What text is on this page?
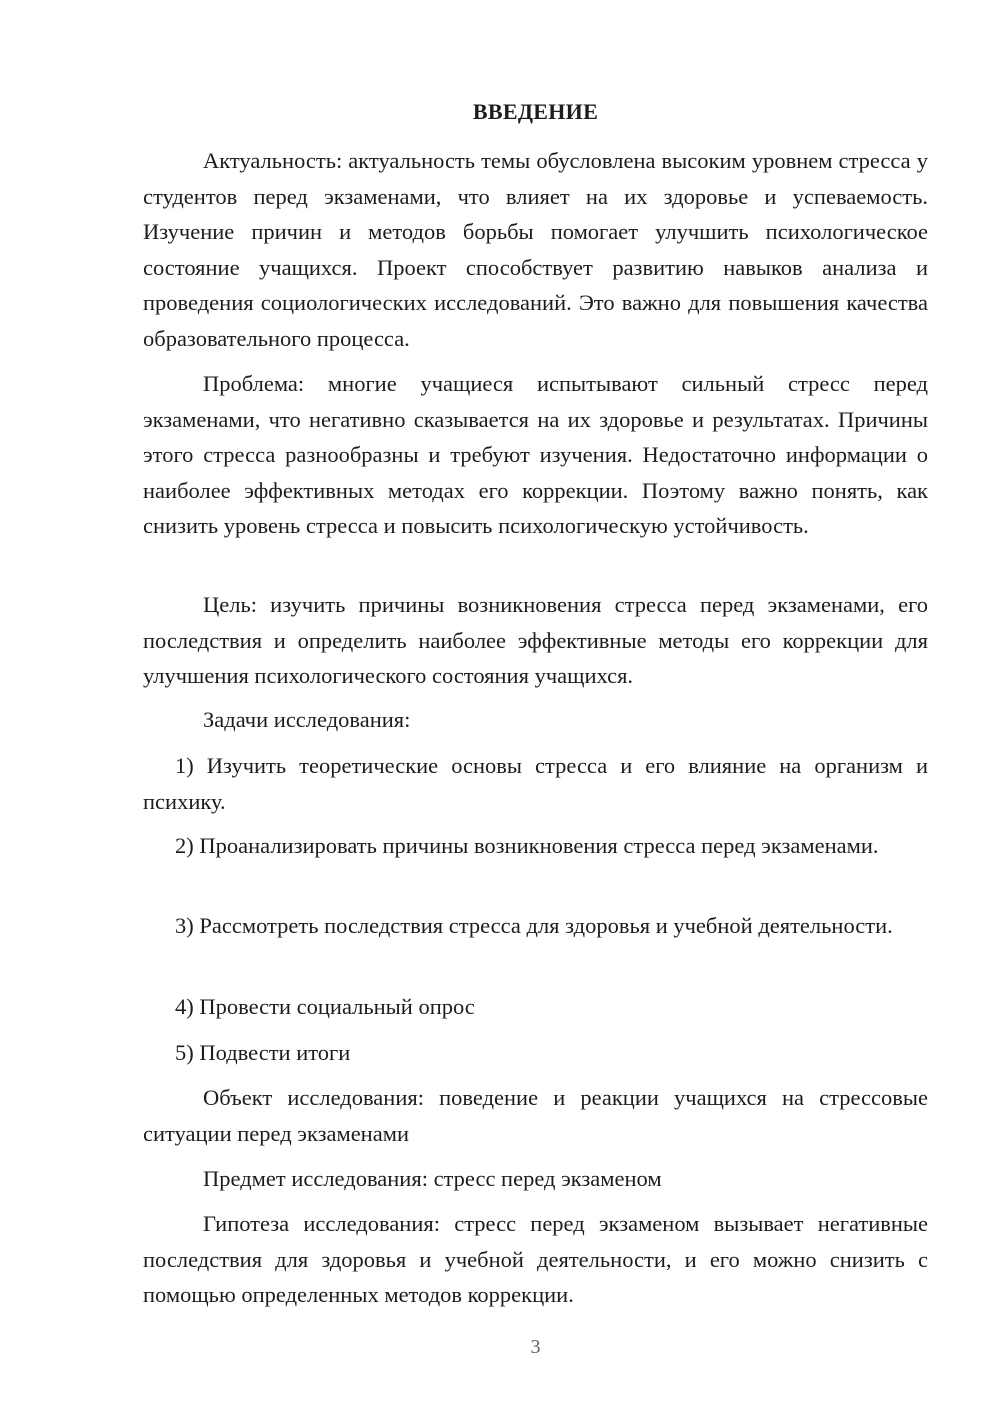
ВВЕДЕНИЕ

Актуальность: актуальность темы обусловлена высоким уровнем стресса у студентов перед экзаменами, что влияет на их здоровье и успеваемость. Изучение причин и методов борьбы помогает улучшить психологическое состояние учащихся. Проект способствует развитию навыков анализа и проведения социологических исследований. Это важно для повышения качества образовательного процесса.

Проблема: многие учащиеся испытывают сильный стресс перед экзаменами, что негативно сказывается на их здоровье и результатах. Причины этого стресса разнообразны и требуют изучения. Недостаточно информации о наиболее эффективных методах его коррекции. Поэтому важно понять, как снизить уровень стресса и повысить психологическую устойчивость.

Цель: изучить причины возникновения стресса перед экзаменами, его последствия и определить наиболее эффективные методы его коррекции для улучшения психологического состояния учащихся.

Задачи исследования:

1) Изучить теоретические основы стресса и его влияние на организм и психику.

2) Проанализировать причины возникновения стресса перед экзаменами.

3) Рассмотреть последствия стресса для здоровья и учебной деятельности.

4) Провести социальный опрос

5) Подвести итоги

Объект исследования: поведение и реакции учащихся на стрессовые ситуации перед экзаменами

Предмет исследования: стресс перед экзаменом

Гипотеза исследования: стресс перед экзаменом вызывает негативные последствия для здоровья и учебной деятельности, и его можно снизить с помощью определенных методов коррекции.

3
